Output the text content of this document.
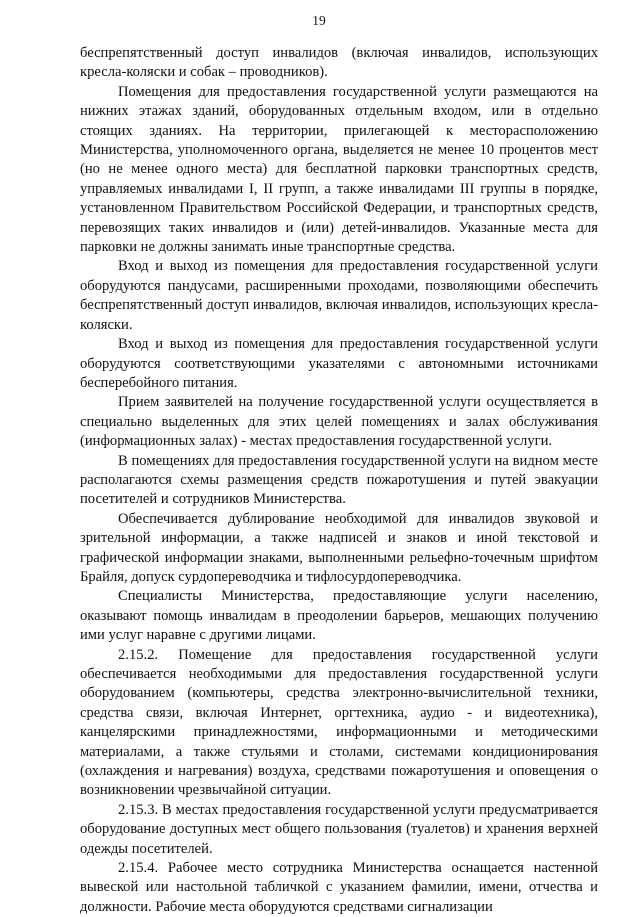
19

беспрепятственный доступ инвалидов (включая инвалидов, использующих кресла-коляски и собак – проводников).

Помещения для предоставления государственной услуги размещаются на нижних этажах зданий, оборудованных отдельным входом, или в отдельно стоящих зданиях. На территории, прилегающей к месторасположению Министерства, уполномоченного органа, выделяется не менее 10 процентов мест (но не менее одного места) для бесплатной парковки транспортных средств, управляемых инвалидами I, II групп, а также инвалидами III группы в порядке, установленном Правительством Российской Федерации, и транспортных средств, перевозящих таких инвалидов и (или) детей-инвалидов. Указанные места для парковки не должны занимать иные транспортные средства.

Вход и выход из помещения для предоставления государственной услуги оборудуются пандусами, расширенными проходами, позволяющими обеспечить беспрепятственный доступ инвалидов, включая инвалидов, использующих кресла-коляски.

Вход и выход из помещения для предоставления государственной услуги оборудуются соответствующими указателями с автономными источниками бесперебойного питания.

Прием заявителей на получение государственной услуги осуществляется в специально выделенных для этих целей помещениях и залах обслуживания (информационных залах) - местах предоставления государственной услуги.

В помещениях для предоставления государственной услуги на видном месте располагаются схемы размещения средств пожаротушения и путей эвакуации посетителей и сотрудников Министерства.

Обеспечивается дублирование необходимой для инвалидов звуковой и зрительной информации, а также надписей и знаков и иной текстовой и графической информации знаками, выполненными рельефно-точечным шрифтом Брайля, допуск сурдопереводчика и тифлосурдопереводчика.

Специалисты Министерства, предоставляющие услуги населению, оказывают помощь инвалидам в преодолении барьеров, мешающих получению ими услуг наравне с другими лицами.

2.15.2. Помещение для предоставления государственной услуги обеспечивается необходимыми для предоставления государственной услуги оборудованием (компьютеры, средства электронно-вычислительной техники, средства связи, включая Интернет, оргтехника, аудио - и видеотехника), канцелярскими принадлежностями, информационными и методическими материалами, а также стульями и столами, системами кондиционирования (охлаждения и нагревания) воздуха, средствами пожаротушения и оповещения о возникновении чрезвычайной ситуации.

2.15.3. В местах предоставления государственной услуги предусматривается оборудование доступных мест общего пользования (туалетов) и хранения верхней одежды посетителей.

2.15.4. Рабочее место сотрудника Министерства оснащается настенной вывеской или настольной табличкой с указанием фамилии, имени, отчества и должности. Рабочие места оборудуются средствами сигнализации
